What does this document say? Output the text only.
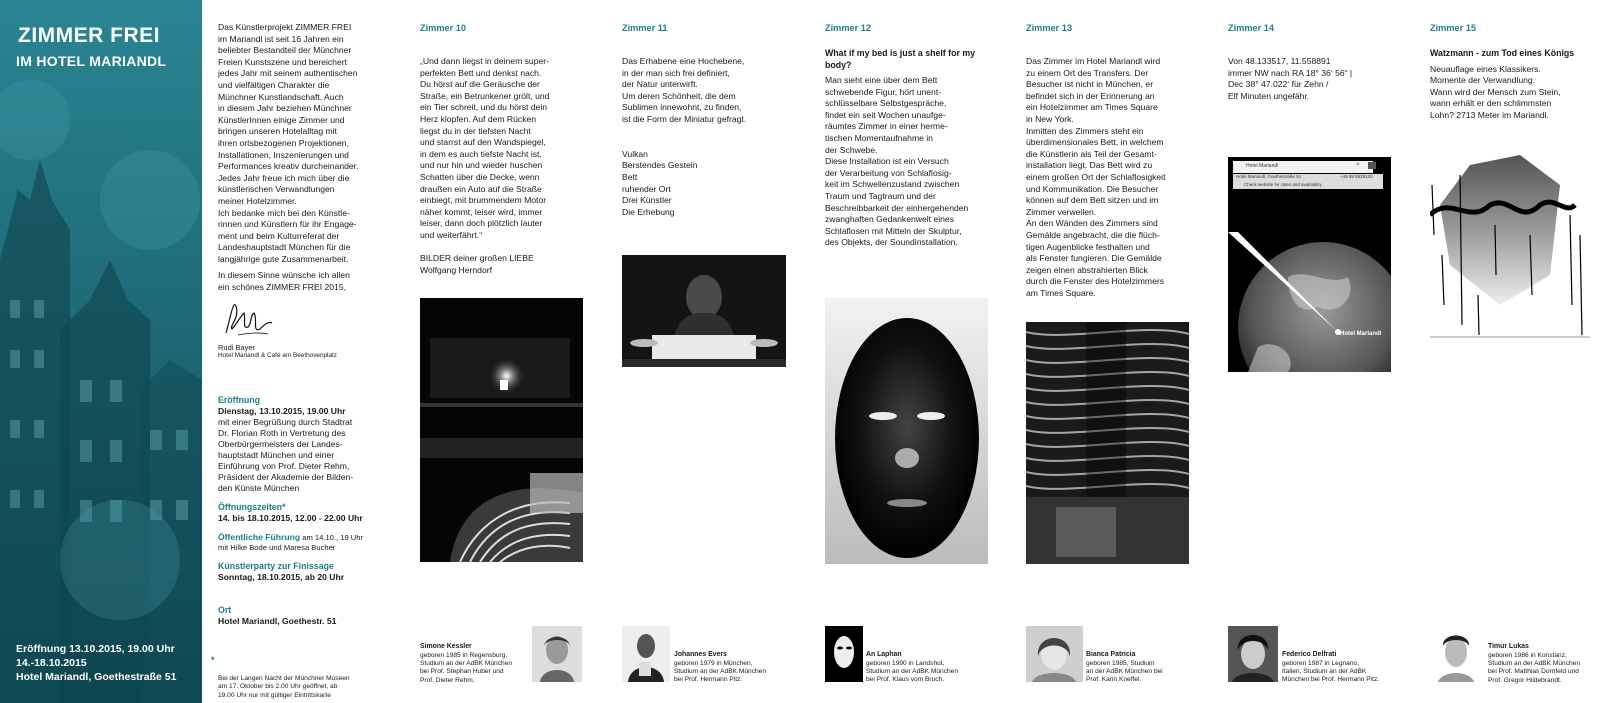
ZIMMER FREI
IM HOTEL MARIANDL
Eröffnung 13.10.2015, 19.00 Uhr
14.-18.10.2015
Hotel Mariandl, Goethestraße 51

Das Künstlerprojekt ZIMMER FREI
im Mariandl ist seit 16 Jahren ein
beliebter Bestandteil der Münchner
Freien Kunstszene und bereichert
jedes Jahr mit seinem authentischen
und vielfältigen Charakter die
Münchner Kunstlandschaft. Auch
in diesem Jahr beziehen Münchner
KünstlerInnen einige Zimmer und
bringen unseren Hotelalltag mit
ihren ortsbezogenen Projektionen,
Installationen, Inszenierungen und
Performances kreativ durcheinander.
Jedes Jahr freue ich mich über die
künstlerischen Verwandlungen
meiner Hotelzimmer.
Ich bedanke mich bei den Künstle-
rinnen und Künstlern für ihr Engage-
ment und beim Kulturreferat der
Landeshauptstadt München für die
langjährige gute Zusammenarbeit.

In diesem Sinne wünsche ich allen
ein schönes ZIMMER FREI 2015,

Rudi Bayer
Hotel Mariandl & Café am Beethovenplatz
Eröffnung
Dienstag, 13.10.2015, 19.00 Uhr
mit einer Begrüßung durch Stadtrat
Dr. Florian Roth in Vertretung des
Oberbürgermeisters der Landes-
hauptstadt München und einer
Einführung von Prof. Dieter Rehm,
Präsident der Akademie der Bilden-
den Künste München
Öffnungszeiten*
14. bis 18.10.2015, 12.00 - 22.00 Uhr
Öffentliche Führung am 14.10., 19 Uhr
mit Hilke Bode und Maresa Bucher
Künstlerparty zur Finissage
Sonntag, 18.10.2015, ab 20 Uhr
Ort
Hotel Mariandl, Goethestr. 51

*

Bei der Langen Nacht der Münchner Museen
am 17. Oktober bis 2.00 Uhr geöffnet, ab
19.00 Uhr nur mit gültiger Eintrittskarte

Zimmer 10
„Und dann liegst in deinem super-
perfekten Bett und denkst nach.
Du hörst auf die Geräusche der
Straße, ein Betrunkener grölt, und
ein Tier schreit, und du hörst dein
Herz klopfen. Auf dem Rücken
liegst du in der tiefsten Nacht
und starrst auf den Wandspiegel,
in dem es auch tiefste Nacht ist,
und nur hin und wieder huschen
Schatten über die Decke, wenn
draußen ein Auto auf die Straße
einbiegt, mit brummendem Motor
näher kommt, leiser wird, immer
leiser, dann doch plötzlich lauter
und weiterfährt.“

BILDER deiner großen LIEBE
Wolfgang Herndorf
Zimmer 11
Das Erhabene eine Hochebene,
in der man sich frei definiert,
der Natur unterwirft.
Um deren Schönheit, die dem
Sublimen innewohnt, zu finden,
ist die Form der Miniatur gefragt.

Vulkan
Berstendes Gestein
Bett
ruhender Ort
Drei Künstler
Die Erhebung
Zimmer 12
What if my bed is just a shelf for my
body?
Man sieht eine über dem Bett
schwebende Figur, hört unent-
schlüsselbare Selbstgespräche,
findet ein seit Wochen unaufge-
räumtes Zimmer in einer herme-
tischen Momentaufnahme in
der Schwebe.
Diese Installation ist ein Versuch
der Verarbeitung von Schlaflosig-
keit im Schwellenzustand zwischen
Traum und Tagtraum und der
Beschreibbarkeit der einhergehenden
zwanghaften Gedankenwelt eines
Schlaflosen mit Mitteln der Skulptur,
des Objekts, der Soundinstallation.
Zimmer 13
Das Zimmer im Hotel Mariandl wird
zu einem Ort des Transfers. Der
Besucher ist nicht in München, er
befindet sich in der Erinnerung an
ein Hotelzimmer am Times Square
in New York.
Inmitten des Zimmers steht ein
überdimensionales Bett, in welchem
die Künstlerin als Teil der Gesamt-
installation liegt. Das Bett wird zu
einem großen Ort der Schlaflosigkeit
und Kommunikation. Die Besucher
können auf dem Bett sitzen und im
Zimmer verweilen.
An den Wänden des Zimmers sind
Gemälde angebracht, die die flüch-
tigen Augenblicke festhalten und
als Fenster fungieren. Die Gemälde
zeigen einen abstrahierten Blick
durch die Fenster des Hotelzimmers
am Times Square.
Zimmer 14
Von 48.133517, 11.558891
immer NW nach RA 18° 36‘ 56“ |
Dec 38° 47.022‘ für Zehn /
Elf Minuten ungefähr.
Zimmer 15
Watzmann - zum Tod eines Königs
Neuauflage eines Klassikers.
Momente der Verwandlung.
Wann wird der Mensch zum Stein,
wann erhält er den schlimmsten
Lohn? 2713 Meter im Mariandl.
Hotel Mariandl	×
Hotel Mariandl, Goethestraße 51	+49 89 5529100
Check website for rates and availability
Hotel Mariandl
Simone Kessler
geboren 1985 in Regensburg,
Studium an der AdBK München
bei Prof. Stephan Huber und
Prof. Dieter Rehm.
Johannes Evers
geboren 1979 in München,
Studium an der AdBK München
bei Prof. Hermann Pitz.
An Laphan
geboren 1990 in Landshut,
Studium an der AdBK München
bei Prof. Klaus vom Bruch.
Bianca Patricia
geboren 1985, Studium
an der AdBK München bei
Prof. Karin Kneffel.
Federico Delfrati
geboren 1987 in Legnano,
Italien, Studium an der AdBK
München bei Prof. Hermann Pitz.
Timur Lukas
geboren 1986 in Konstanz,
Studium an der AdBK München
bei Prof. Matthias Dornfeld und
Prof. Gregor Hildebrandt.
